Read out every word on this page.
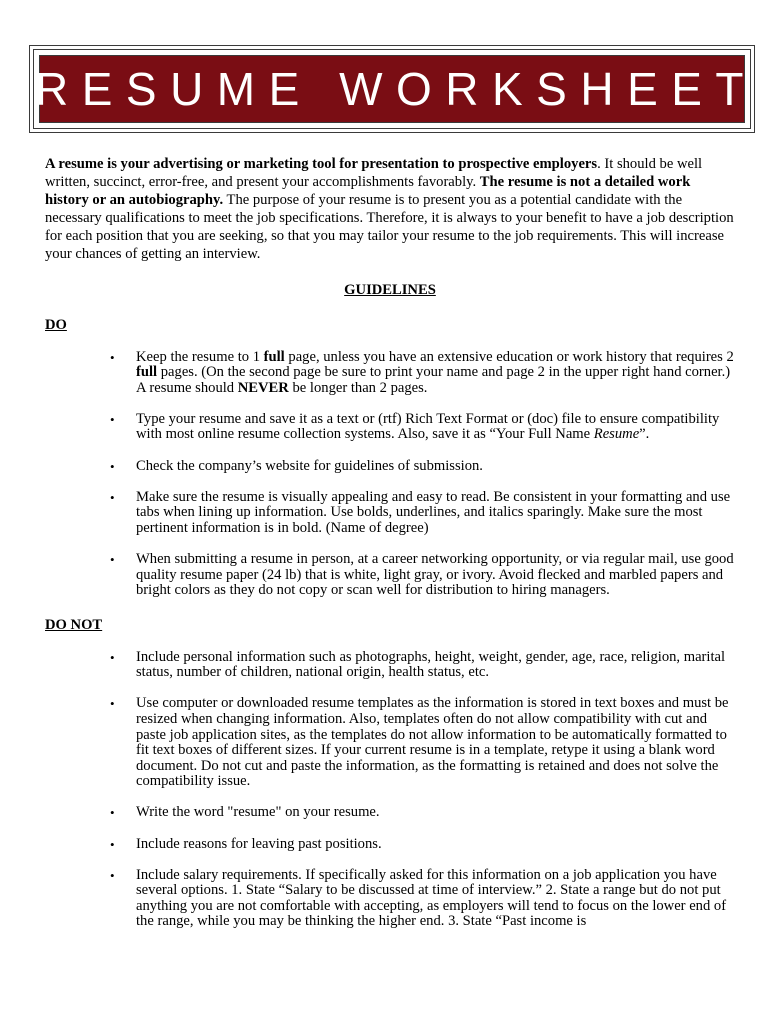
RESUME WORKSHEET

A resume is your advertising or marketing tool for presentation to prospective employers. It should be well written, succinct, error-free, and present your accomplishments favorably. The resume is not a detailed work history or an autobiography. The purpose of your resume is to present you as a potential candidate with the necessary qualifications to meet the job specifications. Therefore, it is always to your benefit to have a job description for each position that you are seeking, so that you may tailor your resume to the job requirements. This will increase your chances of getting an interview.

GUIDELINES
DO
• Keep the resume to 1 full page, unless you have an extensive education or work history that requires 2 full pages. (On the second page be sure to print your name and page 2 in the upper right hand corner.) A resume should NEVER be longer than 2 pages.
• Type your resume and save it as a text or (rtf) Rich Text Format or (doc) file to ensure compatibility with most online resume collection systems. Also, save it as “Your Full Name Resume”.
• Check the company’s website for guidelines of submission.
• Make sure the resume is visually appealing and easy to read. Be consistent in your formatting and use tabs when lining up information. Use bolds, underlines, and italics sparingly. Make sure the most pertinent information is in bold. (Name of degree)
• When submitting a resume in person, at a career networking opportunity, or via regular mail, use good quality resume paper (24 lb) that is white, light gray, or ivory. Avoid flecked and marbled papers and bright colors as they do not copy or scan well for distribution to hiring managers.
DO NOT
• Include personal information such as photographs, height, weight, gender, age, race, religion, marital status, number of children, national origin, health status, etc.
• Use computer or downloaded resume templates as the information is stored in text boxes and must be resized when changing information. Also, templates often do not allow compatibility with cut and paste job application sites, as the templates do not allow information to be automatically formatted to fit text boxes of different sizes. If your current resume is in a template, retype it using a blank word document. Do not cut and paste the information, as the formatting is retained and does not solve the compatibility issue.
• Write the word "resume" on your resume.
• Include reasons for leaving past positions.
• Include salary requirements. If specifically asked for this information on a job application you have several options. 1. State “Salary to be discussed at time of interview.” 2. State a range but do not put anything you are not comfortable with accepting, as employers will tend to focus on the lower end of the range, while you may be thinking the higher end. 3. State “Past income is
